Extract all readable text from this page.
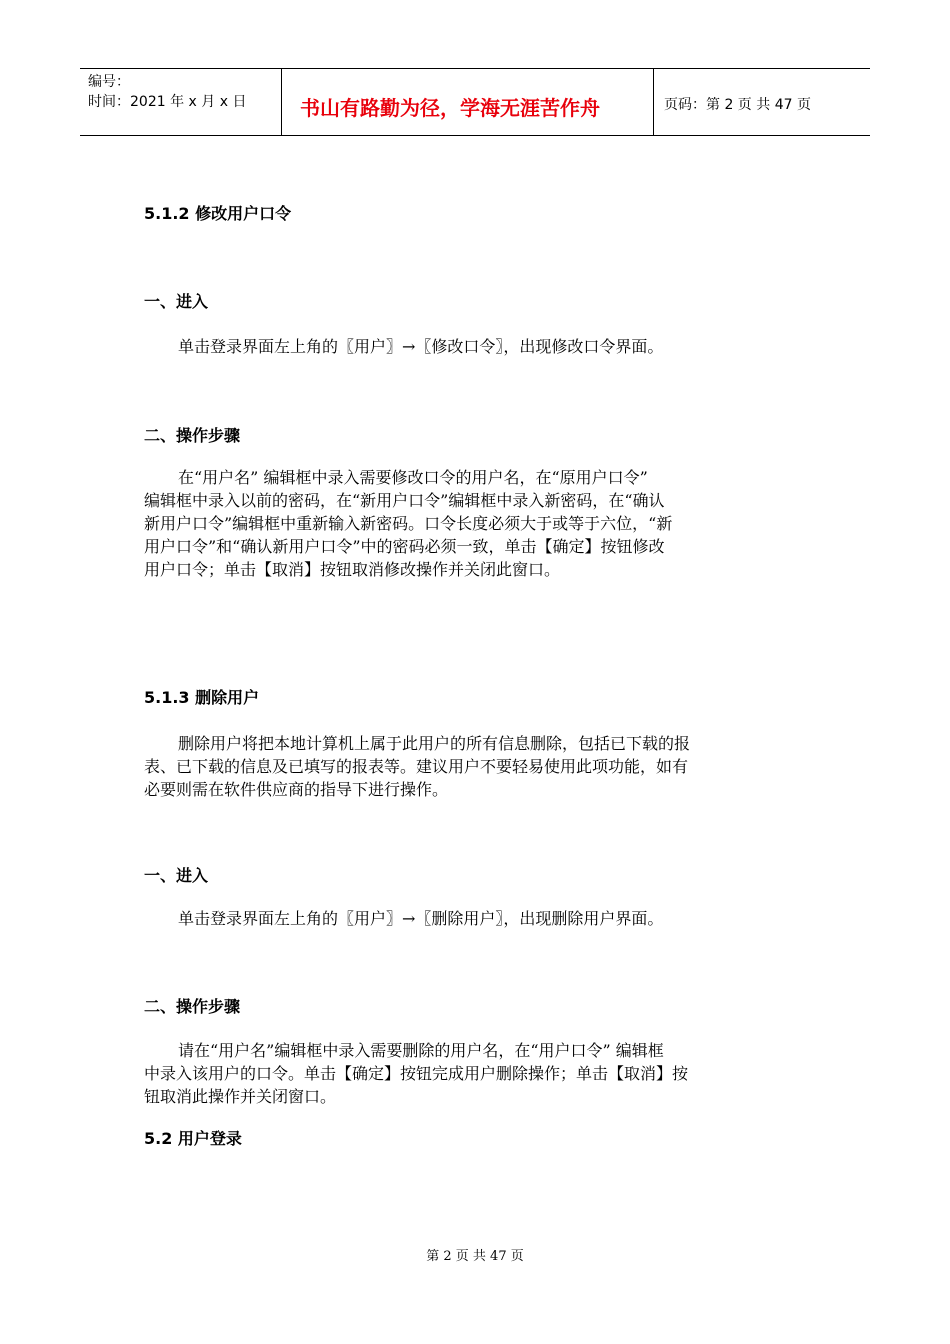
编号：
时间：2021 年 x 月 x 日	书山有路勤为径，学海无涯苦作舟	页码：第 2 页 共 47 页
5.1.2 修改用户口令
一、进入
单击登录界面左上角的〖用户〗→〖修改口令〗，出现修改口令界面。
二、操作步骤
在“用户名” 编辑框中录入需要修改口令的用户名，在“原用户口令”
编辑框中录入以前的密码，在“新用户口令”编辑框中录入新密码，在“确认
新用户口令”编辑框中重新输入新密码。口令长度必须大于或等于六位，“新
用户口令”和“确认新用户口令”中的密码必须一致，单击【确定】按钮修改
用户口令；单击【取消】按钮取消修改操作并关闭此窗口。
5.1.3 删除用户
删除用户将把本地计算机上属于此用户的所有信息删除，包括已下载的报
表、已下载的信息及已填写的报表等。建议用户不要轻易使用此项功能，如有
必要则需在软件供应商的指导下进行操作。
一、进入
单击登录界面左上角的〖用户〗→〖删除用户〗，出现删除用户界面。
二、操作步骤
请在“用户名”编辑框中录入需要删除的用户名，在“用户口令” 编辑框
中录入该用户的口令。单击【确定】按钮完成用户删除操作；单击【取消】按
钮取消此操作并关闭窗口。
5.2 用户登录
第 2 页 共 47 页
